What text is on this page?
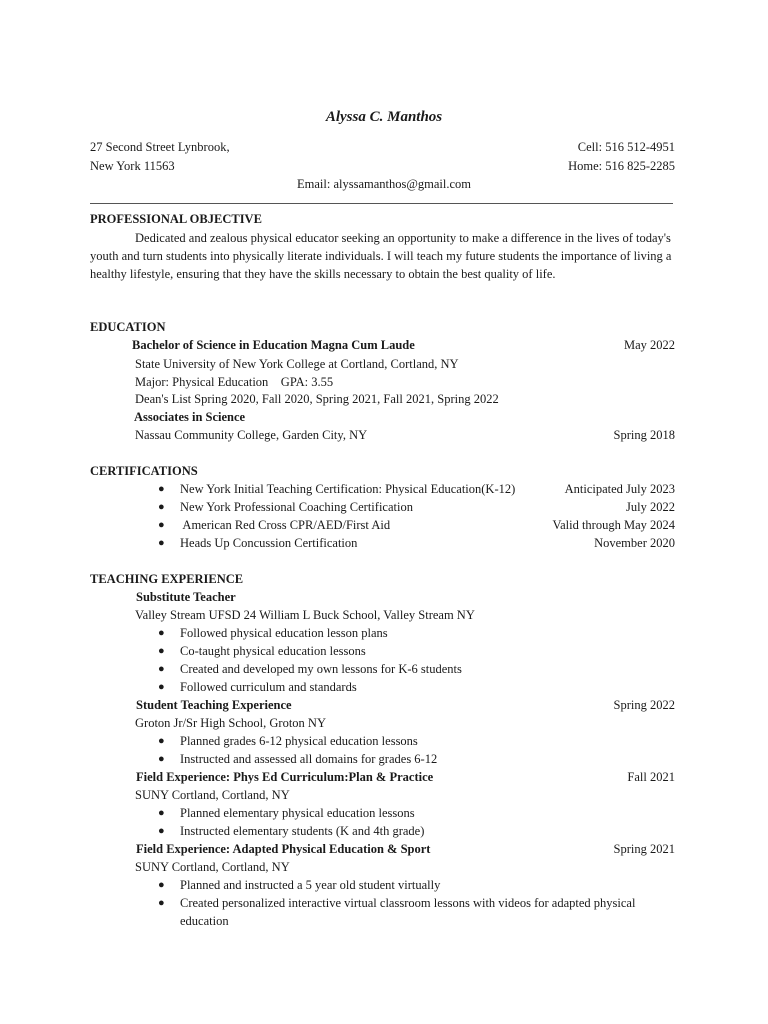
Alyssa C. Manthos
27 Second Street Lynbrook,	Cell: 516 512-4951
New York 11563	Home: 516 825-2285
Email: alyssamanthos@gmail.com
PROFESSIONAL OBJECTIVE

Dedicated and zealous physical educator seeking an opportunity to make a difference in the lives of today's youth and turn students into physically literate individuals. I will teach my future students the importance of living a healthy lifestyle, ensuring that they have the skills necessary to obtain the best quality of life.

EDUCATION
Bachelor of Science in Education Magna Cum Laude	May 2022
State University of New York College at Cortland, Cortland, NY
Major: Physical Education    GPA: 3.55
Dean's List Spring 2020, Fall 2020, Spring 2021, Fall 2021, Spring 2022
Associates in Science
Nassau Community College, Garden City, NY	Spring 2018
CERTIFICATIONS
● New York Initial Teaching Certification: Physical Education(K-12)	Anticipated July 2023
● New York Professional Coaching Certification	July 2022
● American Red Cross CPR/AED/First Aid	Valid through May 2024
● Heads Up Concussion Certification	November 2020
TEACHING EXPERIENCE
Substitute Teacher
Valley Stream UFSD 24 William L Buck School, Valley Stream NY
● Followed physical education lesson plans
● Co-taught physical education lessons
● Created and developed my own lessons for K-6 students
● Followed curriculum and standards
Student Teaching Experience	Spring 2022
Groton Jr/Sr High School, Groton NY
● Planned grades 6-12 physical education lessons
● Instructed and assessed all domains for grades 6-12
Field Experience: Phys Ed Curriculum:Plan & Practice	Fall 2021
SUNY Cortland, Cortland, NY
● Planned elementary physical education lessons
● Instructed elementary students (K and 4th grade)
Field Experience: Adapted Physical Education & Sport	Spring 2021
SUNY Cortland, Cortland, NY
● Planned and instructed a 5 year old student virtually
● Created personalized interactive virtual classroom lessons with videos for adapted physical
education
